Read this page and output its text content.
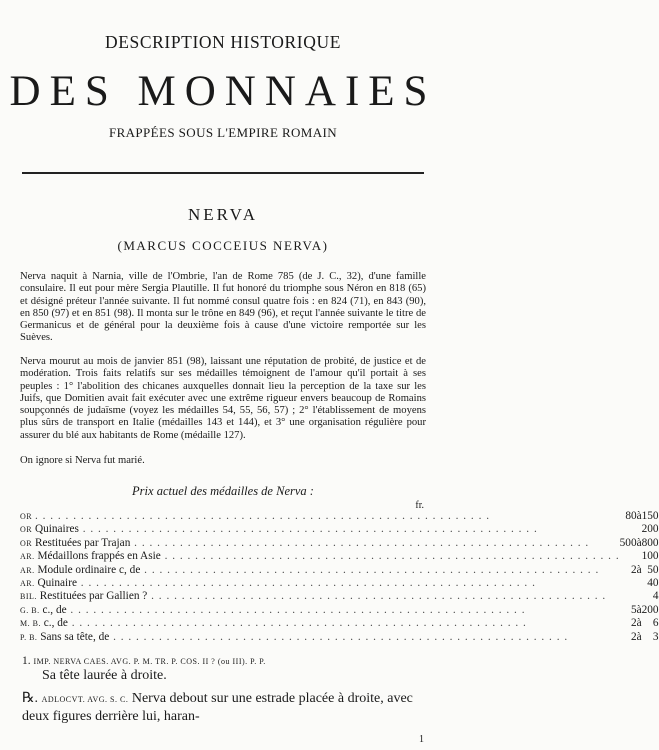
DESCRIPTION HISTORIQUE
DES MONNAIES
FRAPPÉES SOUS L'EMPIRE ROMAIN
NERVA
(MARCUS COCCEIUS NERVA)

Nerva naquit à Narnia, ville de l'Ombrie, l'an de Rome 785 (de J. C., 32), d'une famille consulaire. Il eut pour mère Sergia Plautille. Il fut honoré du triomphe sous Néron en 818 (65) et désigné préteur l'année suivante. Il fut nommé consul quatre fois : en 824 (71), en 843 (90), en 850 (97) et en 851 (98). Il monta sur le trône en 849 (96), et reçut l'année suivante le titre de Germanicus et de général pour la deuxième fois à cause d'une victoire remportée sur les Suèves.

Nerva mourut au mois de janvier 851 (98), laissant une réputation de probité, de justice et de modération. Trois faits relatifs sur ses médailles témoignent de l'amour qu'il portait à ses peuples : 1° l'abolition des chicanes auxquelles donnait lieu la perception de la taxe sur les Juifs, que Domitien avait fait exécuter avec une extrême rigueur envers beaucoup de Romains soupçonnés de judaïsme (voyez les médailles 54, 55, 56, 57) ; 2° l'établissement de moyens plus sûrs de transport en Italie (médailles 143 et 144), et 3° une organisation régulière pour assurer du blé aux habitants de Rome (médaille 127).

On ignore si Nerva fut marié.

Prix actuel des médailles de Nerva :
fr.
OR . . . . . . . . . . . . . . . . . . . . . . . . . . . . . . . . . . . . . . . . . . . . . . . . . . . . . . . . . . . .	80	à	150
OR Quinaires . . . . . . . . . . . . . . . . . . . . . . . . . . . . . . . . . . . . . . . . . . . . . . . . . . . . . . . . . . . .			200
OR Restituées par Trajan . . . . . . . . . . . . . . . . . . . . . . . . . . . . . . . . . . . . . . . . . . . . . . . . . . . . . . . . . . . .	500	à	800
AR. Médaillons frappés en Asie . . . . . . . . . . . . . . . . . . . . . . . . . . . . . . . . . . . . . . . . . . . . . . . . . . . . . . . . . . . .			100
AR. Module ordinaire c, de . . . . . . . . . . . . . . . . . . . . . . . . . . . . . . . . . . . . . . . . . . . . . . . . . . . . . . . . . . . .	2	à	50
AR. Quinaire . . . . . . . . . . . . . . . . . . . . . . . . . . . . . . . . . . . . . . . . . . . . . . . . . . . . . . . . . . . .			40
BIL. Restituées par Gallien ? . . . . . . . . . . . . . . . . . . . . . . . . . . . . . . . . . . . . . . . . . . . . . . . . . . . . . . . . . . . .			4
G. B. c., de . . . . . . . . . . . . . . . . . . . . . . . . . . . . . . . . . . . . . . . . . . . . . . . . . . . . . . . . . . . .	5	à	200
M. B. c., de . . . . . . . . . . . . . . . . . . . . . . . . . . . . . . . . . . . . . . . . . . . . . . . . . . . . . . . . . . . .	2	à	6
P. B. Sans sa tête, de . . . . . . . . . . . . . . . . . . . . . . . . . . . . . . . . . . . . . . . . . . . . . . . . . . . . . . . . . . . .	2	à	3
1. IMP. NERVA CAES. AVG. P. M. TR. P. COS. II ? (ou III). P. P.
Sa tête laurée à droite.
℞. ADLOCVT. AVG. S. C. Nerva debout sur une estrade placée à droite, avec deux figures derrière lui, haran-
1
